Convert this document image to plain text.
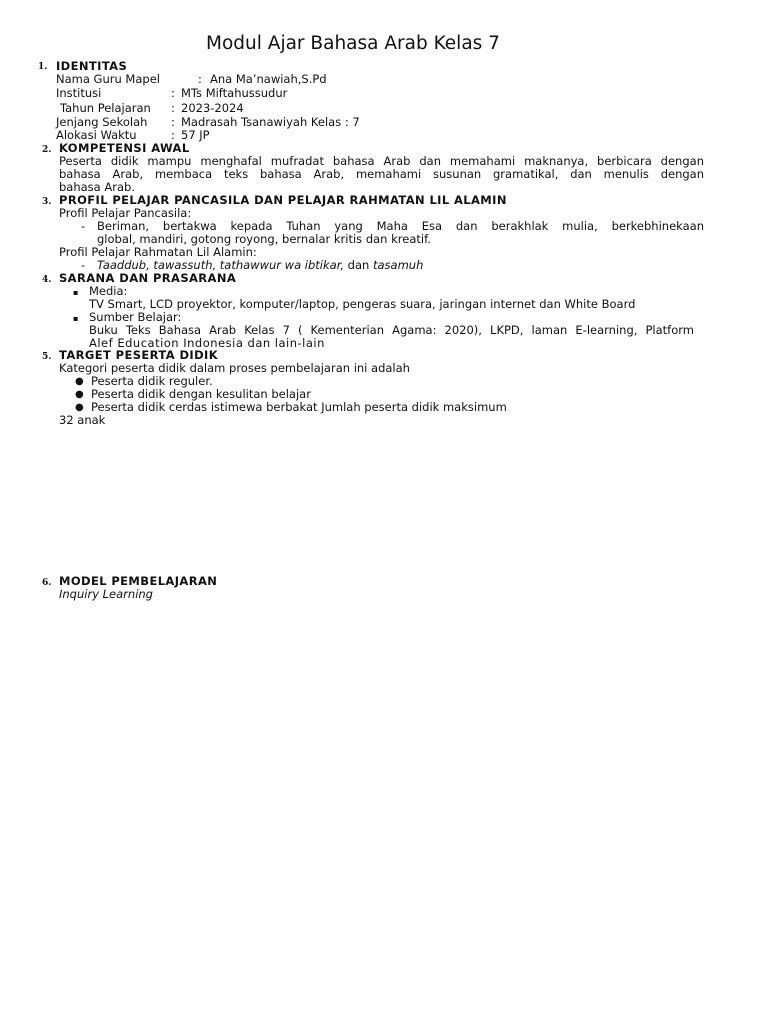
Modul Ajar Bahasa Arab Kelas 7
1. IDENTITAS
Nama Guru Mapel	: Ana Ma’nawiah,S.Pd
Institusi	: MTs Miftahussudur
Tahun Pelajaran : 2023-2024
Jenjang Sekolah : Madrasah Tsanawiyah Kelas : 7
Alokasi Waktu	: 57 JP
2. KOMPETENSI AWAL
Peserta didik mampu menghafal mufradat bahasa Arab dan memahami maknanya, berbicara dengan
bahasa Arab, membaca teks bahasa Arab, memahami susunan gramatikal, dan menulis dengan
bahasa Arab.
3. PROFIL PELAJAR PANCASILA DAN PELAJAR RAHMATAN LIL ALAMIN
Profil Pelajar Pancasila:
- Beriman, bertakwa kepada Tuhan yang Maha Esa dan berakhlak mulia, berkebhinekaan
global, mandiri, gotong royong, bernalar kritis dan kreatif.
Profil Pelajar Rahmatan Lil Alamin:
- Taaddub, tawassuth, tathawwur wa ibtikar, dan tasamuh
4. SARANA DAN PRASARANA
▪ Media:
TV Smart, LCD proyektor, komputer/laptop, pengeras suara, jaringan internet dan White Board
▪ Sumber Belajar:
Buku Teks Bahasa Arab Kelas 7 ( Kementerian Agama: 2020), LKPD, laman E-learning, Platform
Alef Education Indonesia dan lain-lain
5. TARGET PESERTA DIDIK
Kategori peserta didik dalam proses pembelajaran ini adalah
● Peserta didik reguler.
● Peserta didik dengan kesulitan belajar
● Peserta didik cerdas istimewa berbakat Jumlah peserta didik maksimum
32 anak
6. MODEL PEMBELAJARAN
Inquiry Learning
